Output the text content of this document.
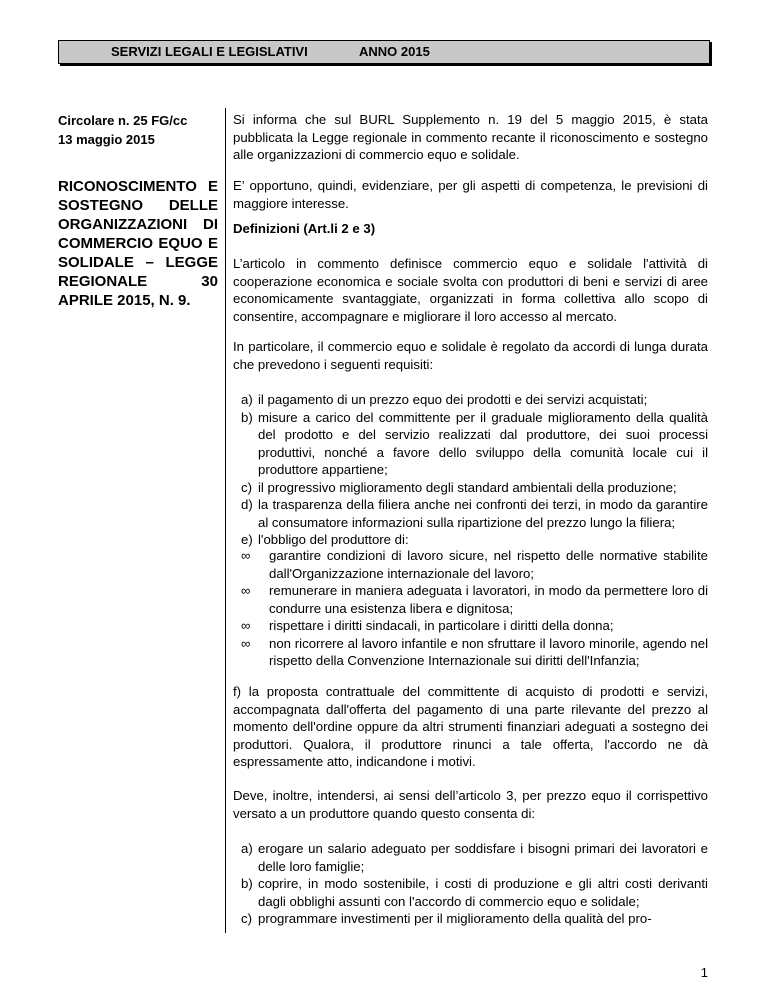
SERVIZI LEGALI E LEGISLATIVI	ANNO 2015
Circolare n. 25 FG/cc
13 maggio 2015
RICONOSCIMENTO E SOSTEGNO DELLE ORGANIZZAZIONI DI COMMERCIO EQUO E SOLIDALE – LEGGE REGIONALE 30 APRILE 2015, N. 9.

Si informa che sul BURL Supplemento n. 19 del 5 maggio 2015, è stata pubblicata la Legge regionale in commento recante il riconoscimento e sostegno alle organizzazioni di commercio equo e solidale.

E’ opportuno, quindi, evidenziare, per gli aspetti di competenza, le previsioni di maggiore interesse.

Definizioni (Art.li 2 e 3)

L’articolo in commento definisce commercio equo e solidale l'attività di cooperazione economica e sociale svolta con produttori di beni e servizi di aree economicamente svantaggiate, organizzati in forma collettiva allo scopo di consentire, accompagnare e migliorare il loro accesso al mercato.

In particolare, il commercio equo e solidale è regolato da accordi di lunga durata che prevedono i seguenti requisiti:

a) il pagamento di un prezzo equo dei prodotti e dei servizi acquistati;
b) misure a carico del committente per il graduale miglioramento della qualità del prodotto e del servizio realizzati dal produttore, dei suoi processi produttivi, nonché a favore dello sviluppo della comunità locale cui il produttore appartiene;
c) il progressivo miglioramento degli standard ambientali della produzione;
d) la trasparenza della filiera anche nei confronti dei terzi, in modo da garantire al consumatore informazioni sulla ripartizione del prezzo lungo la filiera;
e) l'obbligo del produttore di:
∞ garantire condizioni di lavoro sicure, nel rispetto delle normative stabilite dall'Organizzazione internazionale del lavoro;
∞ remunerare in maniera adeguata i lavoratori, in modo da permettere loro di condurre una esistenza libera e dignitosa;
∞ rispettare i diritti sindacali, in particolare i diritti della donna;
∞ non ricorrere al lavoro infantile e non sfruttare il lavoro minorile, agendo nel rispetto della Convenzione Internazionale sui diritti dell'Infanzia;

f) la proposta contrattuale del committente di acquisto di prodotti e servizi, accompagnata dall'offerta del pagamento di una parte rilevante del prezzo al momento dell'ordine oppure da altri strumenti finanziari adeguati a sostegno dei produttori. Qualora, il produttore rinunci a tale offerta, l'accordo ne dà espressamente atto, indicandone i motivi.

Deve, inoltre, intendersi, ai sensi dell’articolo 3, per prezzo equo il corrispettivo versato a un produttore quando questo consenta di:

a) erogare un salario adeguato per soddisfare i bisogni primari dei lavoratori e delle loro famiglie;
b) coprire, in modo sostenibile, i costi di produzione e gli altri costi derivanti dagli obblighi assunti con l'accordo di commercio equo e solidale;
c) programmare investimenti per il miglioramento della qualità del pro-
1
